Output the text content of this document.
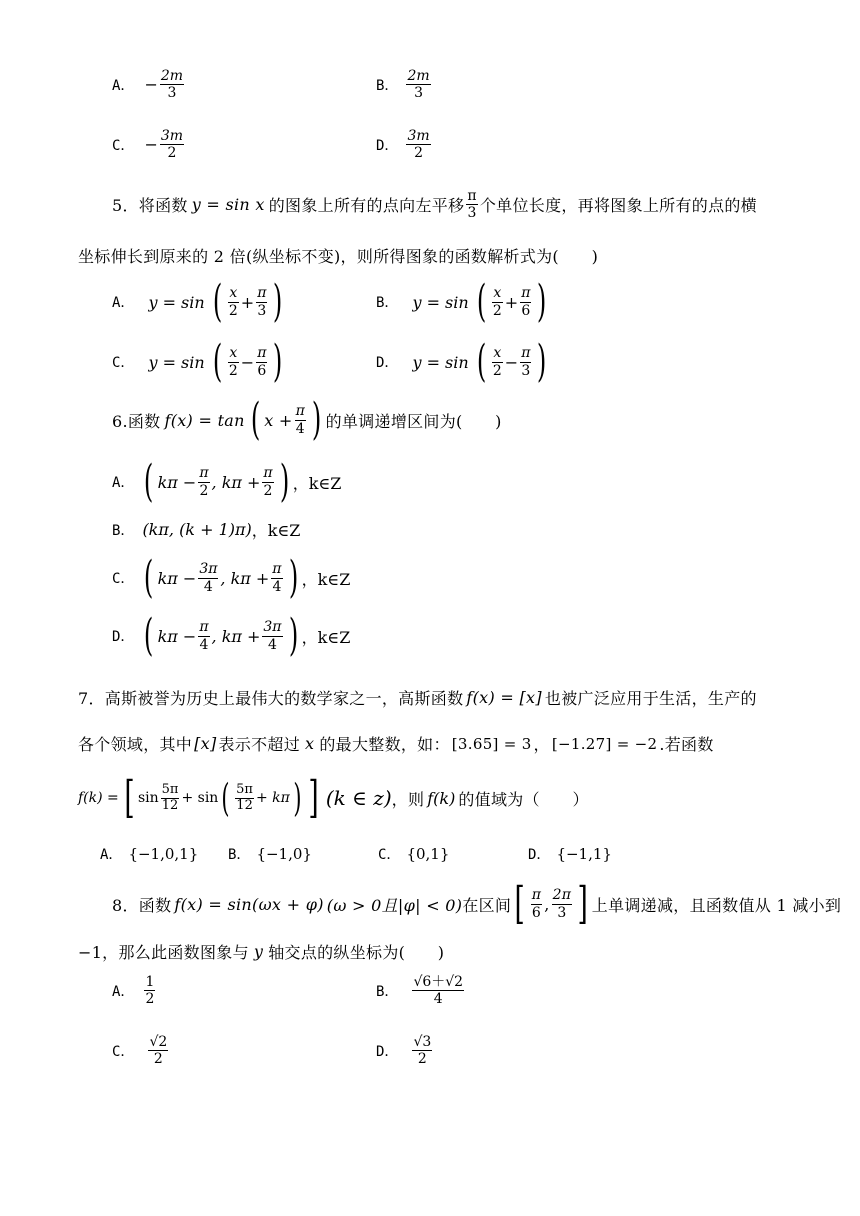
A． − $\frac{2m}{3}$	B． $\frac{2m}{3}$
C． − $\frac{3m}{2}$	D． $\frac{3m}{2}$
5．将函数 y = sin x 的图象上所有的点向左平移 $\frac{\pi}{3}$ 个单位长度，再将图象上所有的点的横
坐标伸长到原来的 2 倍(纵坐标不变)，则所得图象的函数解析式为(　　)
A． y = sin ( $\frac{x}{2} + \frac{\pi}{3}$ )	B． y = sin ( $\frac{x}{2} + \frac{\pi}{6}$ )
C． y = sin ( $\frac{x}{2} - \frac{\pi}{6}$ )	D． y = sin ( $\frac{x}{2} - \frac{\pi}{3}$ )
6.函数 f(x) = tan ( $x + \frac{\pi}{4}$ ) 的单调递增区间为(　　)
A． ( $k\pi - \frac{\pi}{2}$ , $k\pi + \frac{\pi}{2}$ ) ，k∈Z
B． (kπ, (k + 1)π) ，k∈Z
C． ( $k\pi - \frac{3\pi}{4}$ , $k\pi + \frac{\pi}{4}$ ) ，k∈Z
D． ( $k\pi - \frac{\pi}{4}$ , $k\pi + \frac{3\pi}{4}$ ) ，k∈Z
7．高斯被誉为历史上最伟大的数学家之一，高斯函数 f(x) = [x] 也被广泛应用于生活，生产的
各个领域，其中 [x] 表示不超过 x 的最大整数，如： [3.65] = 3 ， [−1.27] = −2 .若函数
f(k) = [ $\sin \frac{5\pi}{12} + \sin$ ( $\frac{5\pi}{12} + k\pi$ ) ] (k ∈ z) ，则 f(k) 的值域为（　　）
A． {−1,0,1} B． {−1,0}	C． {0,1}	D． {−1,1}
8．函数 f(x) = sin(ωx + φ) (ω > 0且|φ| < 0) 在区间 [ $\frac{\pi}{6}$ , $\frac{2\pi}{3}$ ] 上单调递减，且函数值从 1 减小到
−1，那么此函数图象与 y 轴交点的纵坐标为(　　)
A． $\frac{1}{2}$	B． $\frac{√6+√2}{4}$
C． $\frac{√2}{2}$	D． $\frac{√3}{2}$
